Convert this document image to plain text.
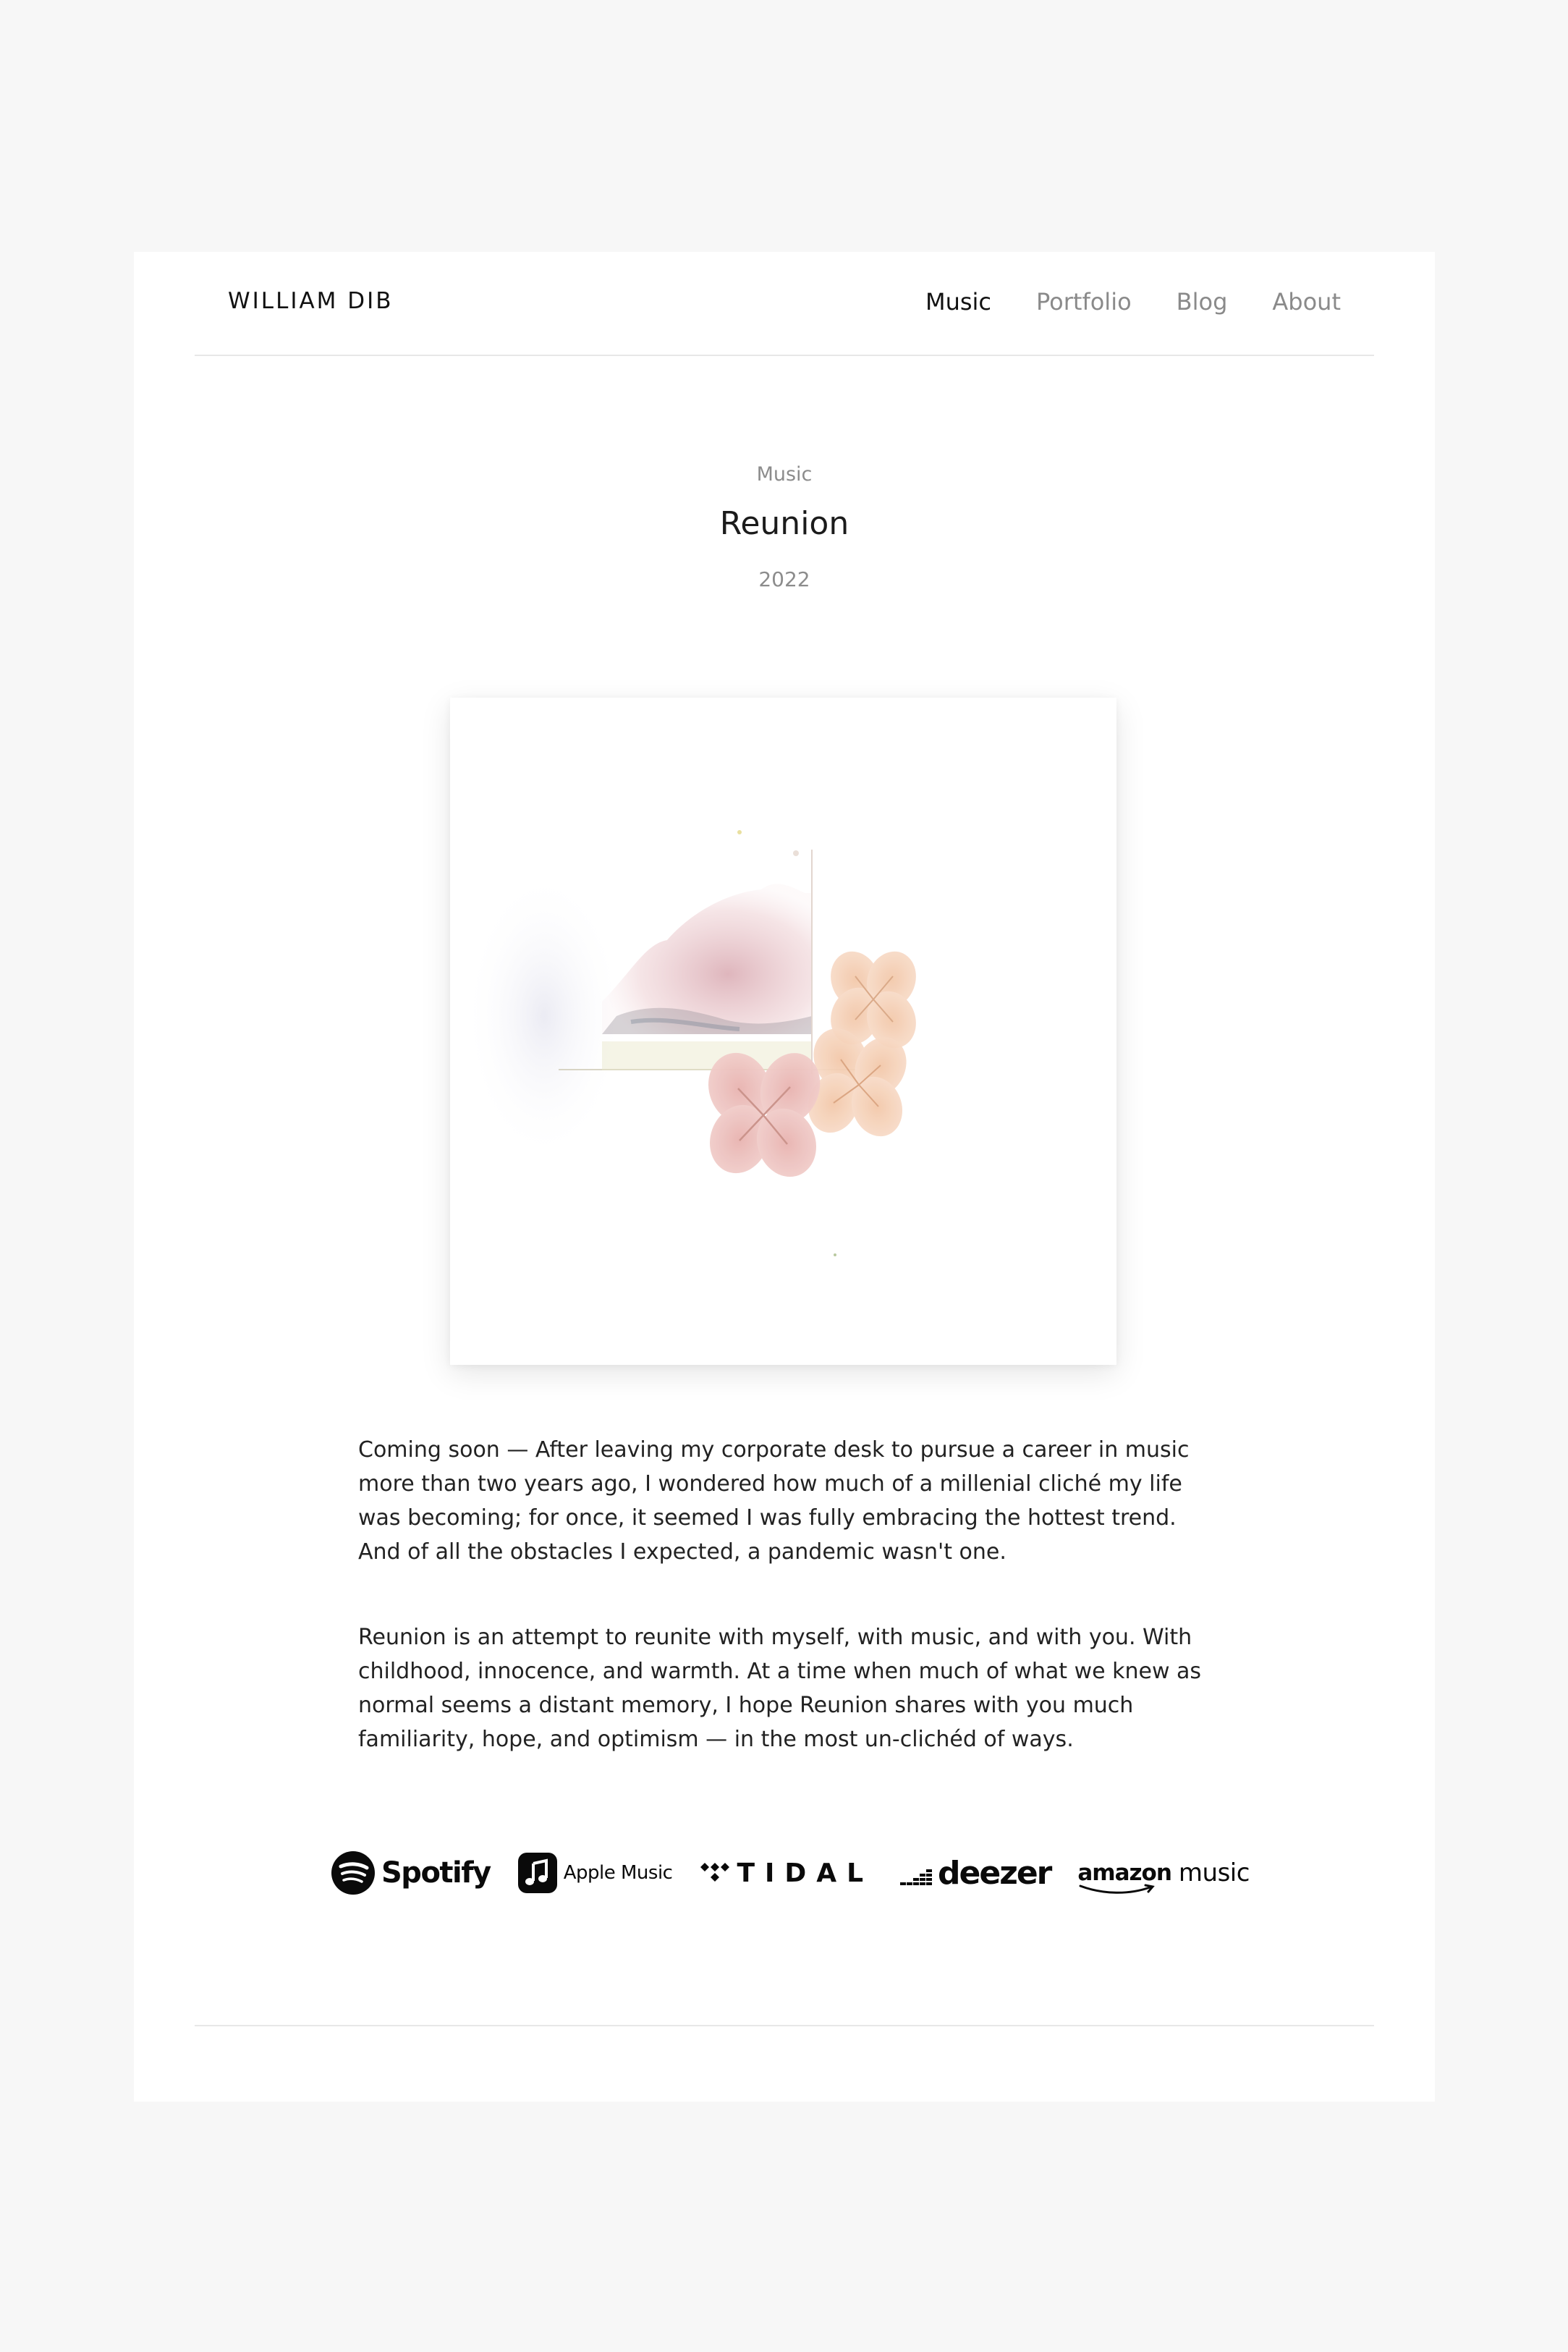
WILLIAM DIB	Music Portfolio Blog About
Music
Reunion
2022

Coming soon — After leaving my corporate desk to pursue a career in music more than two years ago, I wondered how much of a millenial cliché my life was becoming; for once, it seemed I was fully embracing the hottest trend. And of all the obstacles I expected, a pandemic wasn't one.

Reunion is an attempt to reunite with myself, with music, and with you. With childhood, innocence, and warmth. At a time when much of what we knew as normal seems a distant memory, I hope Reunion shares with you much familiarity, hope, and optimism — in the most un-clichéd of ways.

Spotify	Apple Music TIDAL deezer amazon music
